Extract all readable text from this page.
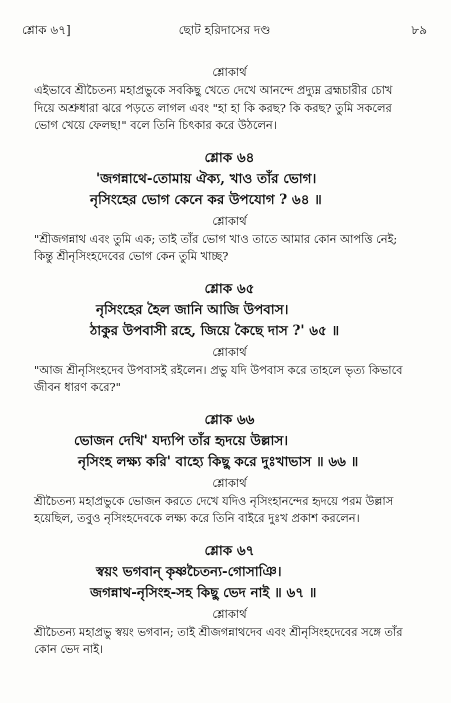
শ্লোক ৬৭]	ছোট হরিদাসের দণ্ড	৮৯
শ্লোকার্থ
এইভাবে শ্রীচৈতন্য মহাপ্রভুকে সবকিছু খেতে দেখে আনন্দে প্রদ্যুম্ন ব্রহ্মচারীর চোখ
দিয়ে অশ্রুধারা ঝরে পড়তে লাগল এবং "হা হা কি করছ? কি করছ? তুমি সকলের
ভোগ খেয়ে ফেলছ!" বলে তিনি চিৎকার করে উঠলেন।
শ্লোক ৬৪
'জগন্নাথে-তোমায় ঐক্য, খাও তাঁর ভোগ।
নৃসিংহের ভোগ কেনে কর উপযোগ ? ৬৪ ॥
শ্লোকার্থ
"শ্রীজগন্নাথ এবং তুমি এক; তাই তাঁর ভোগ খাও তাতে আমার কোন আপত্তি নেই;
কিন্তু শ্রীনৃসিংহদেবের ভোগ কেন তুমি খাচ্ছ?
শ্লোক ৬৫
নৃসিংহের হৈল জানি আজি উপবাস।
ঠাকুর উপবাসী রহে, জিয়ে কৈছে দাস ?' ৬৫ ॥
শ্লোকার্থ
"আজ শ্রীনৃসিংহদেব উপবাসই রইলেন। প্রভু যদি উপবাস করে তাহলে ভৃত্য কিভাবে
জীবন ধারণ করে?"
শ্লোক ৬৬
ভোজন দেখি' যদ্যপি তাঁর হৃদয়ে উল্লাস।
নৃসিংহ লক্ষ্য করি' বাহ্যে কিছু করে দুঃখাভাস ॥ ৬৬ ॥
শ্লোকার্থ
শ্রীচৈতন্য মহাপ্রভুকে ভোজন করতে দেখে যদিও নৃসিংহানন্দের হৃদয়ে পরম উল্লাস
হয়েছিল, তবুও নৃসিংহদেবকে লক্ষ্য করে তিনি বাইরে দুঃখ প্রকাশ করলেন।
শ্লোক ৬৭
স্বয়ং ভগবান্ কৃষ্ণচৈতন্য-গোসাঞি।
জগন্নাথ-নৃসিংহ-সহ কিছু ভেদ নাই ॥ ৬৭ ॥
শ্লোকার্থ
শ্রীচৈতন্য মহাপ্রভু স্বয়ং ভগবান; তাই শ্রীজগন্নাথদেব এবং শ্রীনৃসিংহদেবের সঙ্গে তাঁর
কোন ভেদ নাই।
